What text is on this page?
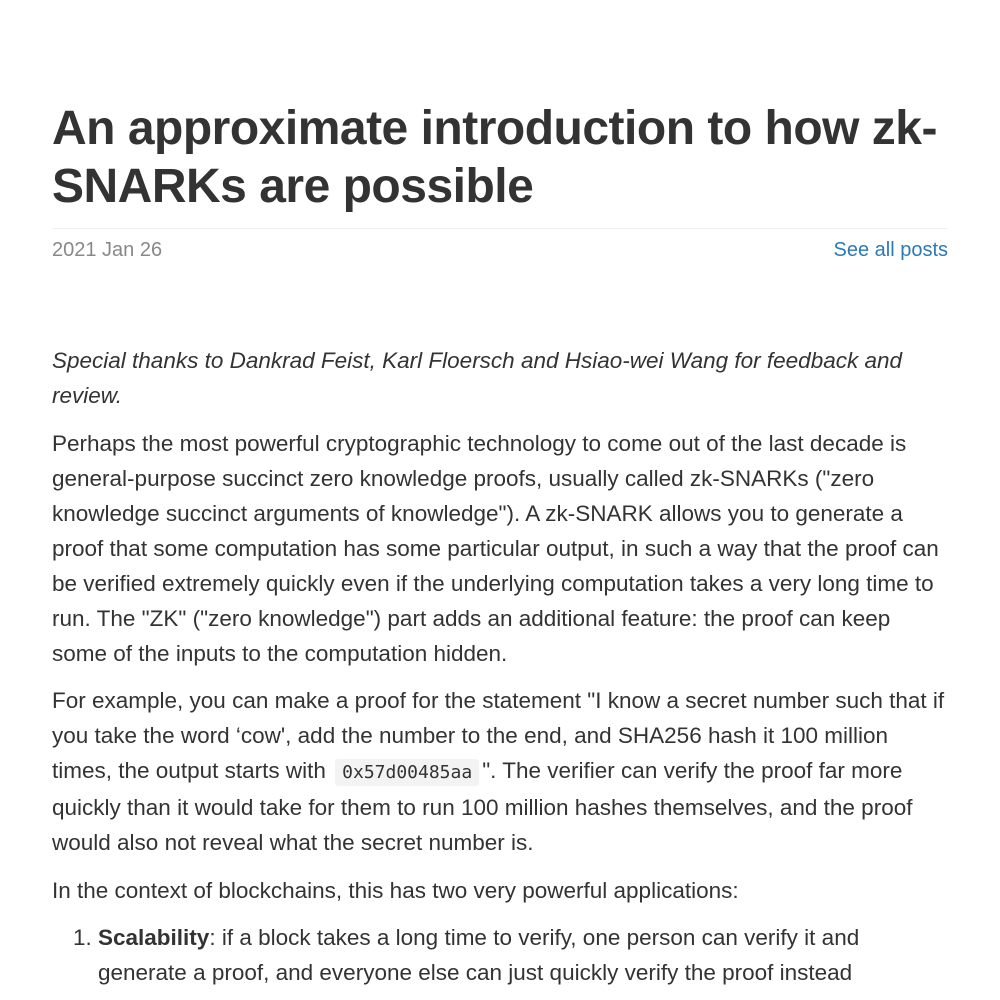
An approximate introduction to how zk-SNARKs are possible
2021 Jan 26	See all posts

Special thanks to Dankrad Feist, Karl Floersch and Hsiao-wei Wang for feedback and review.

Perhaps the most powerful cryptographic technology to come out of the last decade is general-purpose succinct zero knowledge proofs, usually called zk-SNARKs ("zero knowledge succinct arguments of knowledge"). A zk-SNARK allows you to generate a proof that some computation has some particular output, in such a way that the proof can be verified extremely quickly even if the underlying computation takes a very long time to run. The "ZK" ("zero knowledge") part adds an additional feature: the proof can keep some of the inputs to the computation hidden.

For example, you can make a proof for the statement "I know a secret number such that if you take the word ‘cow', add the number to the end, and SHA256 hash it 100 million times, the output starts with 0x57d00485aa ". The verifier can verify the proof far more quickly than it would take for them to run 100 million hashes themselves, and the proof would also not reveal what the secret number is.

In the context of blockchains, this has two very powerful applications:

1. Scalability: if a block takes a long time to verify, one person can verify it and generate a proof, and everyone else can just quickly verify the proof instead
